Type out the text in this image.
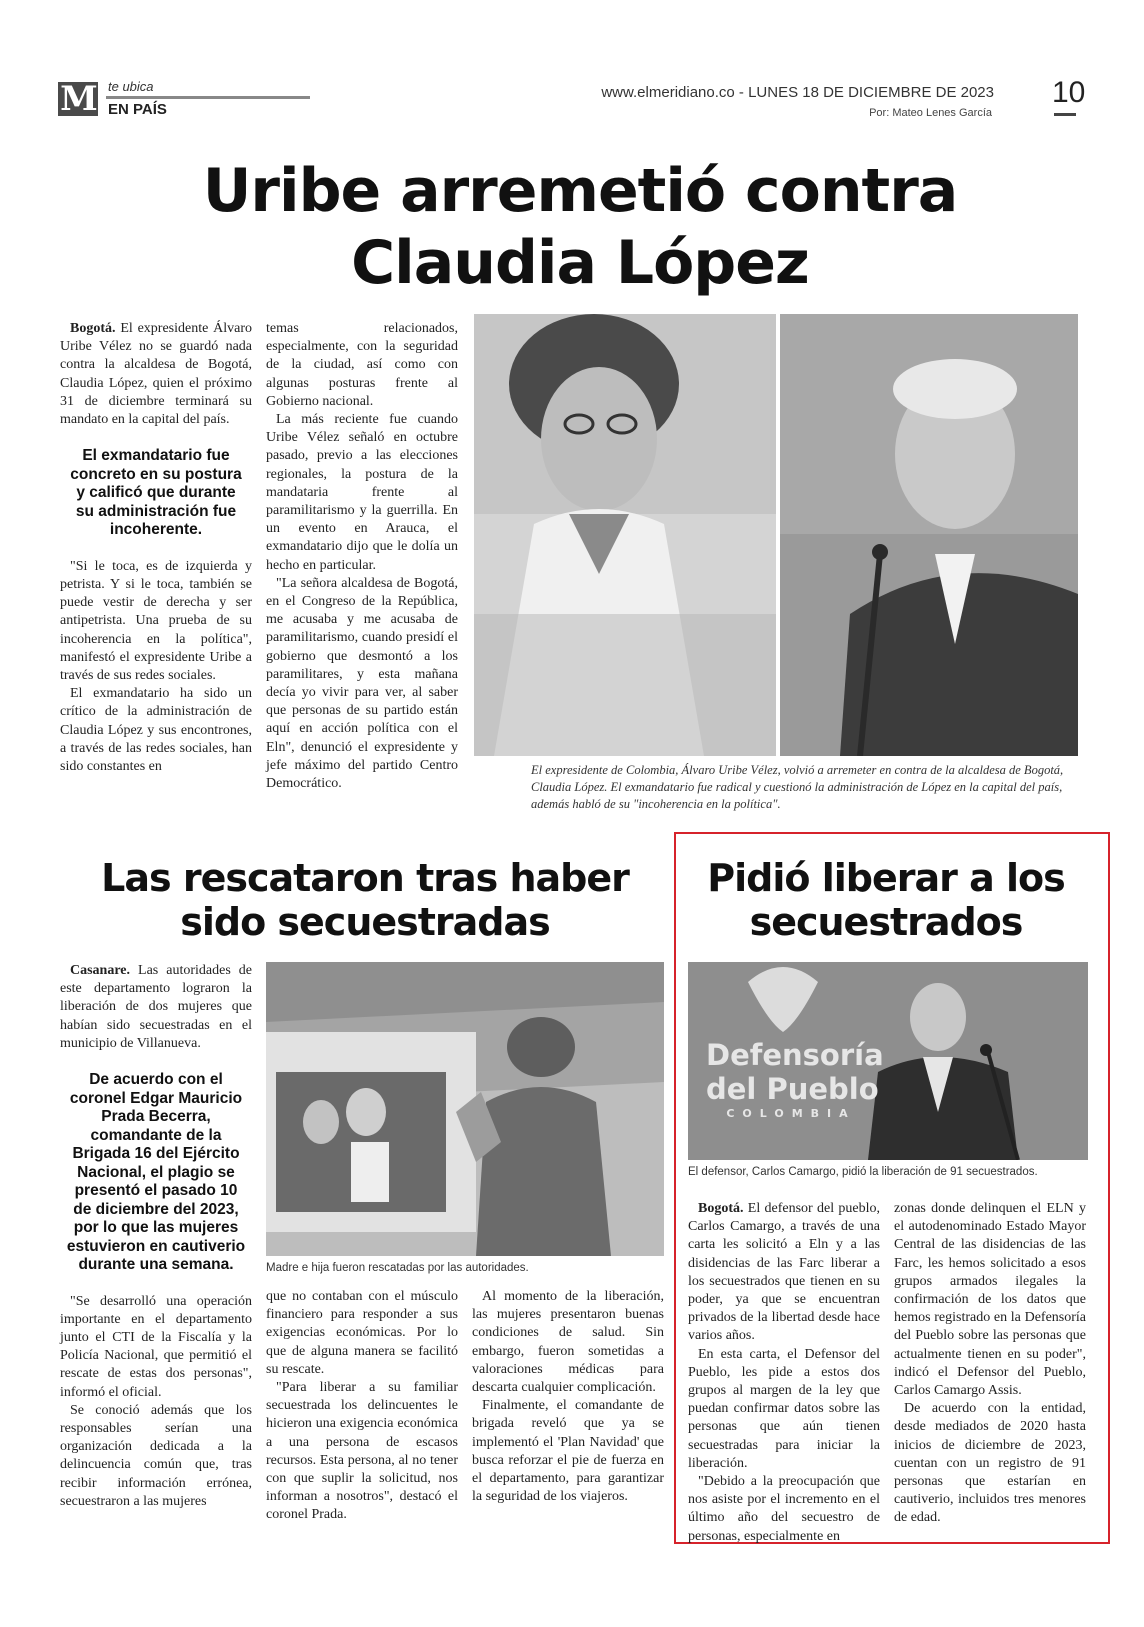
M te ubica
EN PAÍS
www.elmeridiano.co - LUNES 18 DE DICIEMBRE DE 2023
Por: Mateo Lenes García
10
Uribe arremetió contra
Claudia López

Bogotá. El expresidente Álvaro Uribe Vélez no se guardó nada contra la alcaldesa de Bogotá, Claudia López, quien el próximo 31 de diciembre terminará su mandato en la capital del país.

El exmandatario fue concreto en su postura y calificó que durante su administración fue incoherente.

"Si le toca, es de izquierda y petrista. Y si le toca, también se puede vestir de derecha y ser antipetrista. Una prueba de su incoherencia en la política", manifestó el expresidente Uribe a través de sus redes sociales.

El exmandatario ha sido un crítico de la administración de Claudia López y sus encontrones, a través de las redes sociales, han sido constantes en

temas relacionados, especialmente, con la seguridad de la ciudad, así como con algunas posturas frente al Gobierno nacional.

La más reciente fue cuando Uribe Vélez señaló en octubre pasado, previo a las elecciones regionales, la postura de la mandataria frente al paramilitarismo y la guerrilla. En un evento en Arauca, el exmandatario dijo que le dolía un hecho en particular.

"La señora alcaldesa de Bogotá, en el Congreso de la República, me acusaba y me acusaba de paramilitarismo, cuando presidí el gobierno que desmontó a los paramilitares, y esta mañana decía yo vivir para ver, al saber que personas de su partido están aquí en acción política con el Eln", denunció el expresidente y jefe máximo del partido Centro Democrático.

El expresidente de Colombia, Álvaro Uribe Vélez, volvió a arremeter en contra de la alcaldesa de Bogotá, Claudia López. El exmandatario fue radical y cuestionó la administración de López en la capital del país, además habló de su "incoherencia en la política".
Las rescataron tras haber
sido secuestradas

Casanare. Las autoridades de este departamento lograron la liberación de dos mujeres que habían sido secuestradas en el municipio de Villanueva.

De acuerdo con el coronel Edgar Mauricio Prada Becerra, comandante de la Brigada 16 del Ejército Nacional, el plagio se presentó el pasado 10 de diciembre del 2023, por lo que las mujeres estuvieron en cautiverio durante una semana.

"Se desarrolló una operación importante en el departamento junto el CTI de la Fiscalía y la Policía Nacional, que permitió el rescate de estas dos personas", informó el oficial.

Se conoció además que los responsables serían una organización dedicada a la delincuencia común que, tras recibir información errónea, secuestraron a las mujeres

Madre e hija fueron rescatadas por las autoridades.

que no contaban con el músculo financiero para responder a sus exigencias económicas. Por lo que de alguna manera se facilitó su rescate.

"Para liberar a su familiar secuestrada los delincuentes le hicieron una exigencia económica a una persona de escasos recursos. Esta persona, al no tener con que suplir la solicitud, nos informan a nosotros", destacó el coronel Prada.

Al momento de la liberación, las mujeres presentaron buenas condiciones de salud. Sin embargo, fueron sometidas a valoraciones médicas para descarta cualquier complicación.

Finalmente, el comandante de brigada reveló que ya se implementó el 'Plan Navidad' que busca reforzar el pie de fuerza en el departamento, para garantizar la seguridad de los viajeros.

Pidió liberar a los
secuestrados
Defensoría
del Pueblo
COLOMBIA
El defensor, Carlos Camargo, pidió la liberación de 91 secuestrados.

Bogotá. El defensor del pueblo, Carlos Camargo, a través de una carta les solicitó a Eln y a las disidencias de las Farc liberar a los secuestrados que tienen en su poder, ya que se encuentran privados de la libertad desde hace varios años.

En esta carta, el Defensor del Pueblo, les pide a estos dos grupos al margen de la ley que puedan confirmar datos sobre las personas que aún tienen secuestradas para iniciar la liberación.

"Debido a la preocupación que nos asiste por el incremento en el último año del secuestro de personas, especialmente en

zonas donde delinquen el ELN y el autodenominado Estado Mayor Central de las disidencias de las Farc, les hemos solicitado a esos grupos armados ilegales la confirmación de los datos que hemos registrado en la Defensoría del Pueblo sobre las personas que actualmente tienen en su poder", indicó el Defensor del Pueblo, Carlos Camargo Assis.

De acuerdo con la entidad, desde mediados de 2020 hasta inicios de diciembre de 2023, cuentan con un registro de 91 personas que estarían en cautiverio, incluidos tres menores de edad.
